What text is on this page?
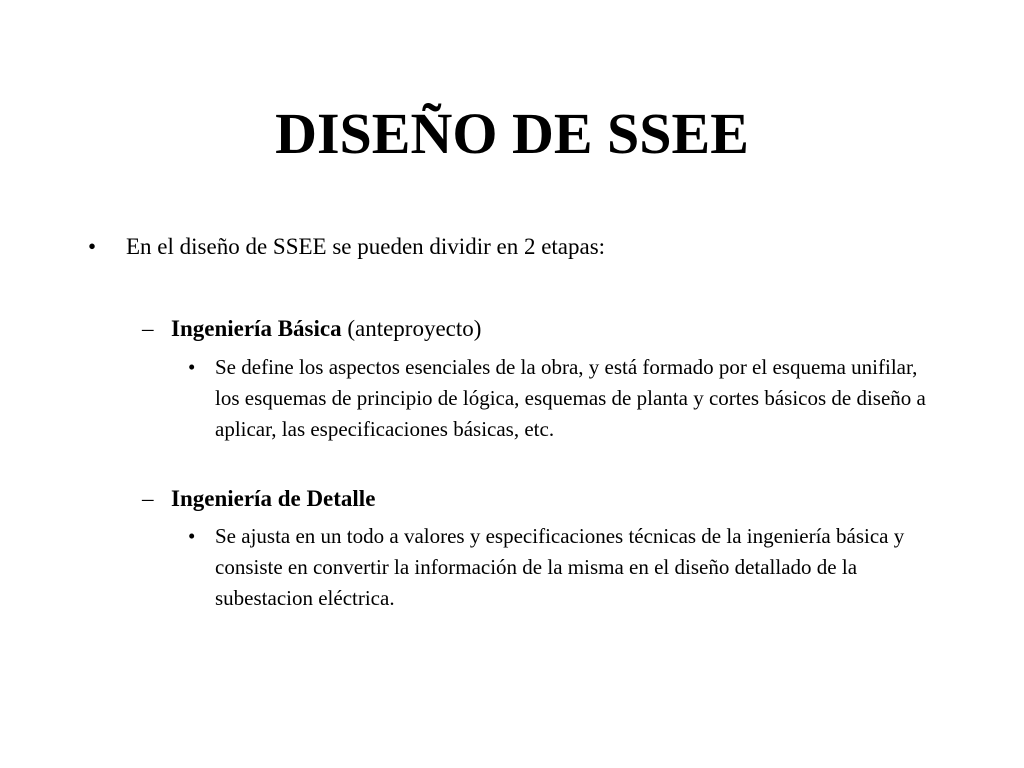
DISEÑO DE SSEE
• En el diseño de SSEE se pueden dividir en 2 etapas:
– Ingeniería Básica (anteproyecto)
• Se define los aspectos esenciales de la obra, y está formado por el esquema unifilar, los esquemas de principio de lógica, esquemas de planta y cortes básicos de diseño a aplicar, las especificaciones básicas, etc.
– Ingeniería de Detalle
• Se ajusta en un todo a valores y especificaciones técnicas de la ingeniería básica y consiste en convertir la información de la misma en el diseño detallado de la subestacion eléctrica.
